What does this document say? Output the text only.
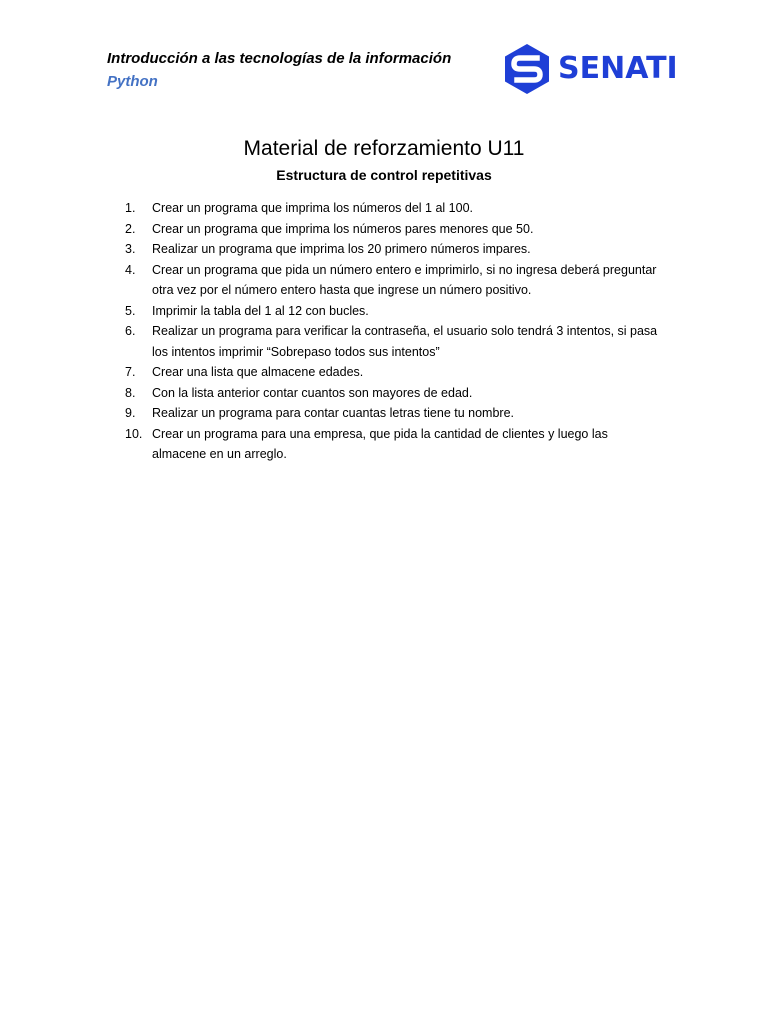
Introducción a las tecnologías de la información
Python	SENATI
Material de reforzamiento U11
Estructura de control repetitivas
1.	Crear un programa que imprima los números del 1 al 100.
2.	Crear un programa que imprima los números pares menores que 50.
3.	Realizar un programa que imprima los 20 primero números impares.
4.	Crear un programa que pida un número entero e imprimirlo, si no ingresa deberá preguntar otra vez por el número entero hasta que ingrese un número positivo.
5.	Imprimir la tabla del 1 al 12 con bucles.
6.	Realizar un programa para verificar la contraseña, el usuario solo tendrá 3 intentos, si pasa los intentos imprimir “Sobrepaso todos sus intentos”
7.	Crear una lista que almacene edades.
8.	Con la lista anterior contar cuantos son mayores de edad.
9.	Realizar un programa para contar cuantas letras tiene tu nombre.
10. Crear un programa para una empresa, que pida la cantidad de clientes y luego las almacene en un arreglo.
